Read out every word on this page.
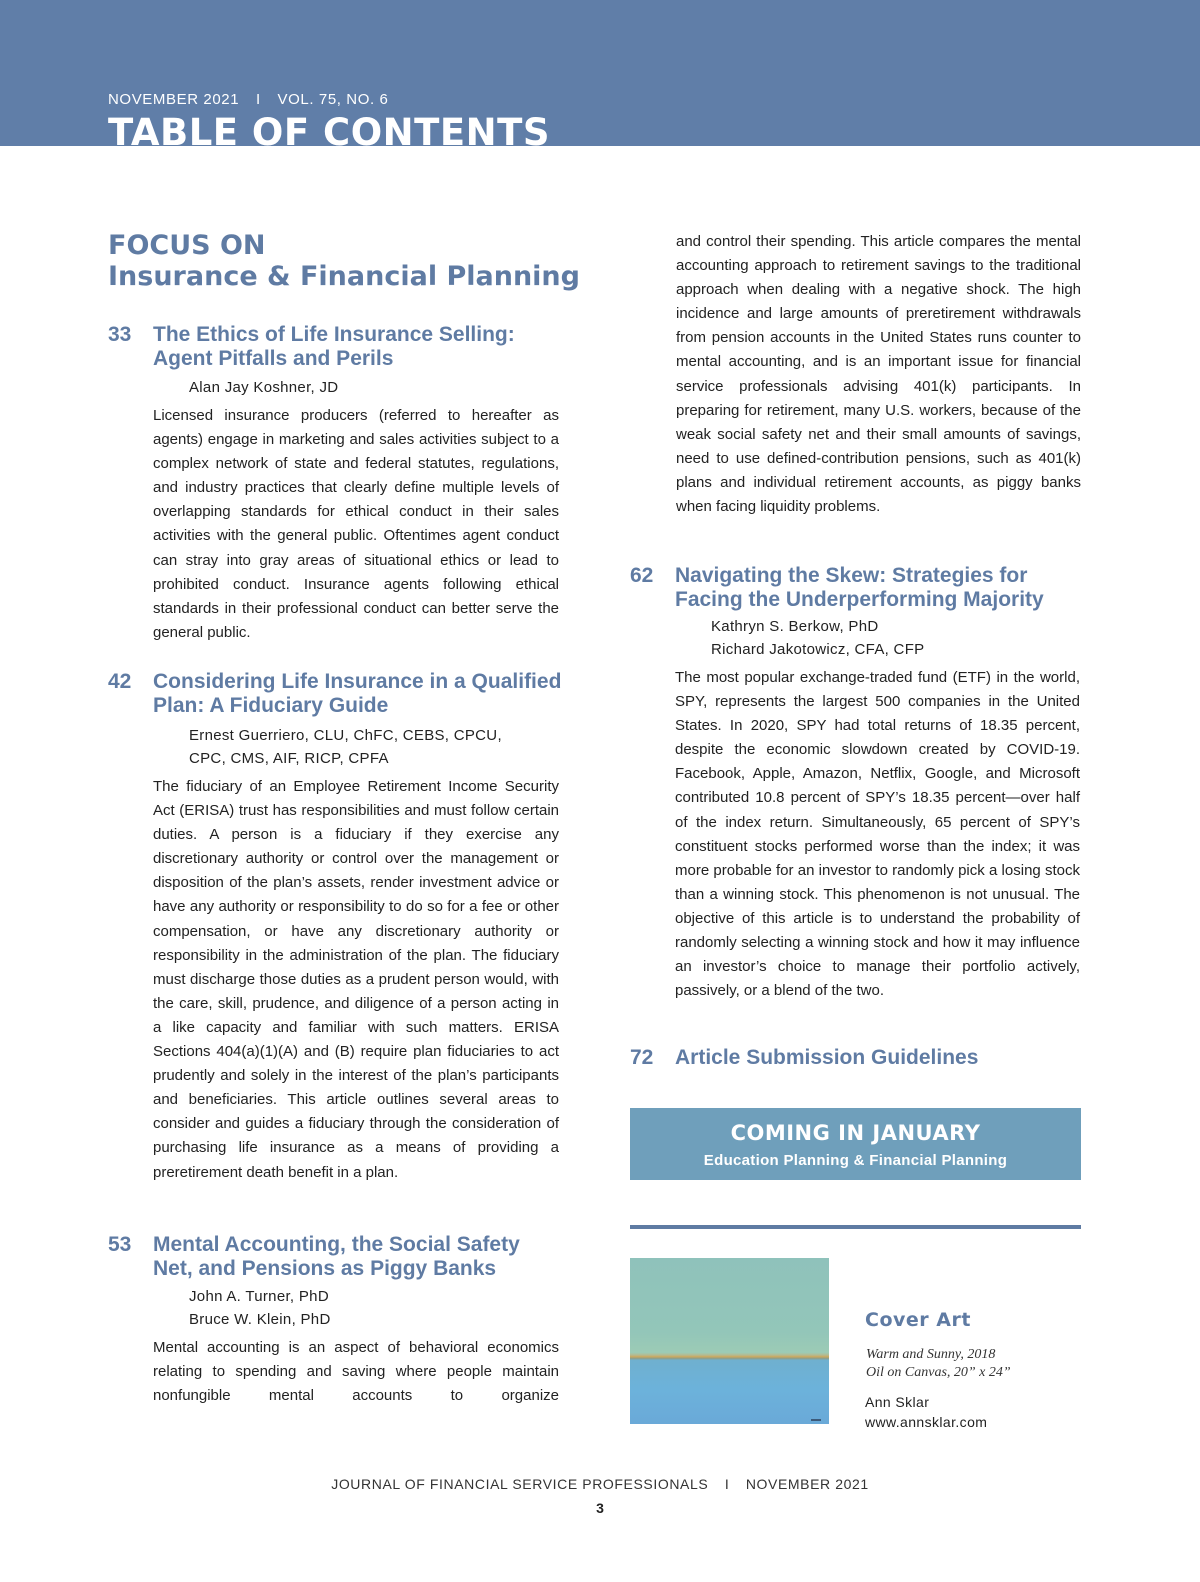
NOVEMBER 2021 I VOL. 75, NO. 6
TABLE OF CONTENTS
FOCUS ON
Insurance & Financial Planning
33 The Ethics of Life Insurance Selling: Agent Pitfalls and Perils
Alan Jay Koshner, JD
Licensed insurance producers (referred to hereafter as agents) engage in marketing and sales activities subject to a complex network of state and federal statutes, regulations, and industry practices that clearly define multiple levels of overlapping standards for ethical conduct in their sales activities with the general public. Oftentimes agent conduct can stray into gray areas of situational ethics or lead to prohibited conduct. Insurance agents following ethical standards in their professional conduct can better serve the general public.
42 Considering Life Insurance in a Qualified Plan: A Fiduciary Guide
Ernest Guerriero, CLU, ChFC, CEBS, CPCU,
CPC, CMS, AIF, RICP, CPFA
The fiduciary of an Employee Retirement Income Security Act (ERISA) trust has responsibilities and must follow certain duties. A person is a fiduciary if they exercise any discretionary authority or control over the management or disposition of the plan’s assets, render investment advice or have any authority or responsibility to do so for a fee or other compensation, or have any discretionary authority or responsibility in the administration of the plan. The fiduciary must discharge those duties as a prudent person would, with the care, skill, prudence, and diligence of a person acting in a like capacity and familiar with such matters. ERISA Sections 404(a)(1)(A) and (B) require plan fiduciaries to act prudently and solely in the interest of the plan’s participants and beneficiaries. This article outlines several areas to consider and guides a fiduciary through the consideration of purchasing life insurance as a means of providing a preretirement death benefit in a plan.
53 Mental Accounting, the Social Safety Net, and Pensions as Piggy Banks
John A. Turner, PhD
Bruce W. Klein, PhD
Mental accounting is an aspect of behavioral economics relating to spending and saving where people maintain nonfungible mental accounts to organize
and control their spending. This article compares the mental accounting approach to retirement savings to the traditional approach when dealing with a negative shock. The high incidence and large amounts of preretirement withdrawals from pension accounts in the United States runs counter to mental accounting, and is an important issue for financial service professionals advising 401(k) participants. In preparing for retirement, many U.S. workers, because of the weak social safety net and their small amounts of savings, need to use defined-contribution pensions, such as 401(k) plans and individual retirement accounts, as piggy banks when facing liquidity problems.
62 Navigating the Skew: Strategies for Facing the Underperforming Majority
Kathryn S. Berkow, PhD
Richard Jakotowicz, CFA, CFP
The most popular exchange-traded fund (ETF) in the world, SPY, represents the largest 500 companies in the United States. In 2020, SPY had total returns of 18.35 percent, despite the economic slowdown created by COVID-19. Facebook, Apple, Amazon, Netflix, Google, and Microsoft contributed 10.8 percent of SPY’s 18.35 percent—over half of the index return. Simultaneously, 65 percent of SPY’s constituent stocks performed worse than the index; it was more probable for an investor to randomly pick a losing stock than a winning stock. This phenomenon is not unusual. The objective of this article is to understand the probability of randomly selecting a winning stock and how it may influence an investor’s choice to manage their portfolio actively, passively, or a blend of the two.
72 Article Submission Guidelines
COMING IN JANUARY
Education Planning & Financial Planning
Cover Art
Warm and Sunny, 2018
Oil on Canvas, 20” x 24”
Ann Sklar
www.annsklar.com
JOURNAL OF FINANCIAL SERVICE PROFESSIONALS I NOVEMBER 2021
3
